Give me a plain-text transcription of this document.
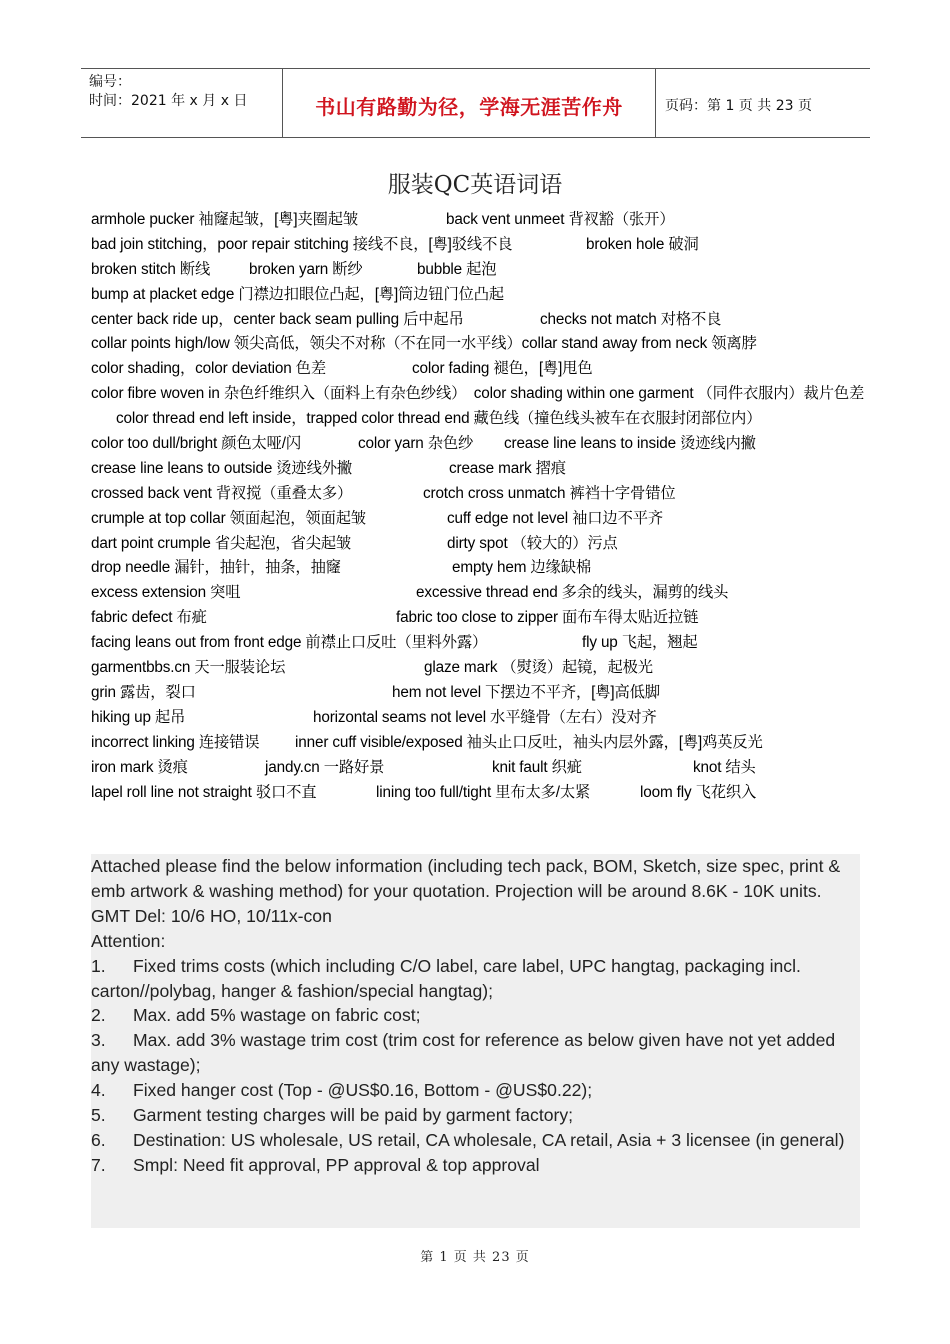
编号：
时间：2021 年 x 月 x 日	书山有路勤为径，学海无涯苦作舟	页码：第 1 页 共 23 页
服装QC英语词语
armhole pucker 袖窿起皱，[粤]夹圈起皱	back vent unmeet 背衩豁（张开）
bad join stitching，poor repair stitching 接线不良，[粤]驳线不良	broken hole 破洞
broken stitch 断线	broken yarn 断纱	bubble 起泡
bump at placket edge 门襟边扣眼位凸起，[粤]筒边钮门位凸起
center back ride up，center back seam pulling 后中起吊	checks not match 对格不良
collar points high/low 领尖高低，领尖不对称（不在同一水平线）collar stand away from neck 领离脖
color shading，color deviation 色差	color fading 褪色，[粤]甩色
color fibre woven in 杂色纤维织入（面料上有杂色纱线）　color shading within one garment （同件衣服内）裁片色差
color thread end left inside，trapped color thread end 藏色线（撞色线头被车在衣服封闭部位内）
color too dull/bright 颜色太哑/闪	color yarn 杂色纱 crease line leans to inside 烫迹线内撇
crease line leans to outside 烫迹线外撇	crease mark 摺痕
crossed back vent 背衩搅（重叠太多）	crotch cross unmatch 裤裆十字骨错位
crumple at top collar 领面起泡，领面起皱	cuff edge not level 袖口边不平齐
dart point crumple 省尖起泡，省尖起皱	dirty spot （较大的）污点
drop needle 漏针，抽针，抽条，抽窿	empty hem 边缘缺棉
excess extension 突咀	excessive thread end 多余的线头，漏剪的线头
fabric defect 布疵	fabric too close to zipper 面布车得太贴近拉链
facing leans out from front edge 前襟止口反吐（里料外露）	fly up 飞起，翘起
garmentbbs.cn 天一服装论坛	glaze mark （熨烫）起镜，起极光
grin 露齿，裂口	hem not level 下摆边不平齐，[粤]高低脚
hiking up 起吊	horizontal seams not level 水平缝骨（左右）没对齐
incorrect linking 连接错误 inner cuff visible/exposed 袖头止口反吐，袖头内层外露，[粤]鸡英反光
iron mark 烫痕	jandy.cn 一路好景	knit fault 织疵	knot 结头
lapel roll line not straight 驳口不直	lining too full/tight 里布太多/太紧	loom fly 飞花织入

Attached please find the below information (including tech pack, BOM, Sketch, size spec, print & emb artwork & washing method) for your quotation. Projection will be around 8.6K - 10K units.

GMT Del: 10/6 HO, 10/11x-con

Attention:

1. Fixed trims costs (which including C/O label, care label, UPC hangtag, packaging incl. carton//polybag, hanger & fashion/special hangtag);
2. Max. add 5% wastage on fabric cost;
3. Max. add 3% wastage trim cost (trim cost for reference as below given have not yet added any wastage);
4. Fixed hanger cost (Top - @US$0.16, Bottom - @US$0.22);
5. Garment testing charges will be paid by garment factory;
6. Destination: US wholesale, US retail, CA wholesale, CA retail, Asia + 3 licensee (in general)
7. Smpl: Need fit approval, PP approval & top approval
第 1 页 共 23 页
